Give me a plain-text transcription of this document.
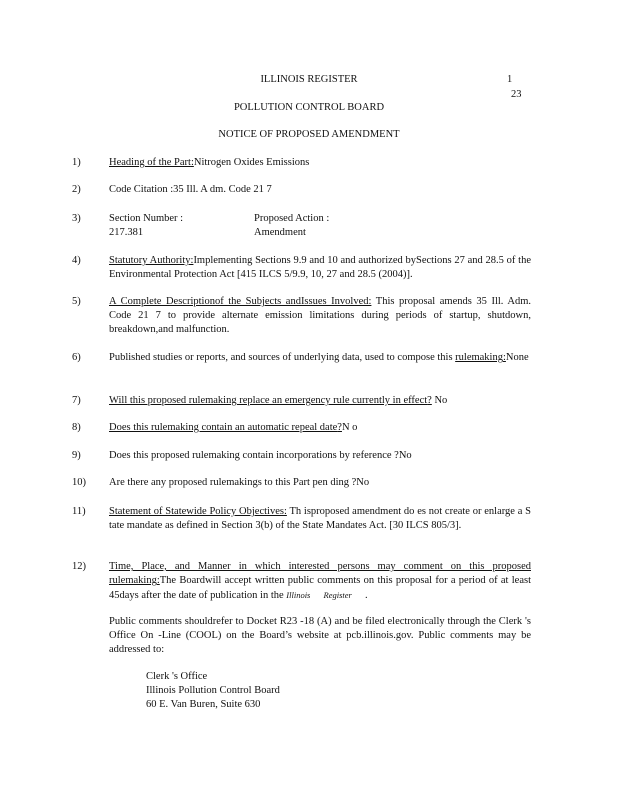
ILLINOIS REGISTER	1
23
POLLUTION CONTROL BOARD
NOTICE OF PROPOSED AMENDMENT
1)	Heading of the Part:Nitrogen Oxides Emissions
2)	Code Citation :35 Ill. A dm. Code 21 7
3)	Section Number :
217.381
Proposed Action :
Amendment
4)	Statutory Authority:Implementing Sections 9.9 and 10 and authorized bySections 27 and 28.5 of the Environmental Protection Act [415 ILCS 5/9.9, 10, 27 and 28.5 (2004)].
5)	A Complete Descriptionof the Subjects andIssues Involved: This proposal amends 35 Ill. Adm. Code 21 7 to provide alternate emission limitations during periods of startup, shutdown, breakdown,and malfunction.
6)	Published studies or reports, and sources of underlying data, used to compose this rulemaking:None
7)	Will this proposed rulemaking replace an emergency rule currently in effect? No
8)	Does this rulemaking contain an automatic repeal date?N o
9)	Does this proposed rulemaking contain incorporations by reference ?No
10)	Are there any proposed rulemakings to this Part pen ding ?No
11)	Statement of Statewide Policy Objectives: Th isproposed amendment do es not create or enlarge a S tate mandate as defined in Section 3(b) of the State Mandates Act. [30 ILCS 805/3].
12)	Time, Place, and Manner in which interested persons may comment on this proposed rulemaking:The Boardwill accept written public comments on this proposal for a period of at least 45days after the date of publication in the Illinois Register .
Public comments shouldrefer to Docket R23 -18 (A) and be filed electronically through the Clerk 's Office On -Line (COOL) on the Board’s website at pcb.illinois.gov. Public comments may be addressed to:
Clerk 's Office
Illinois Pollution Control Board
60 E. Van Buren, Suite 630
